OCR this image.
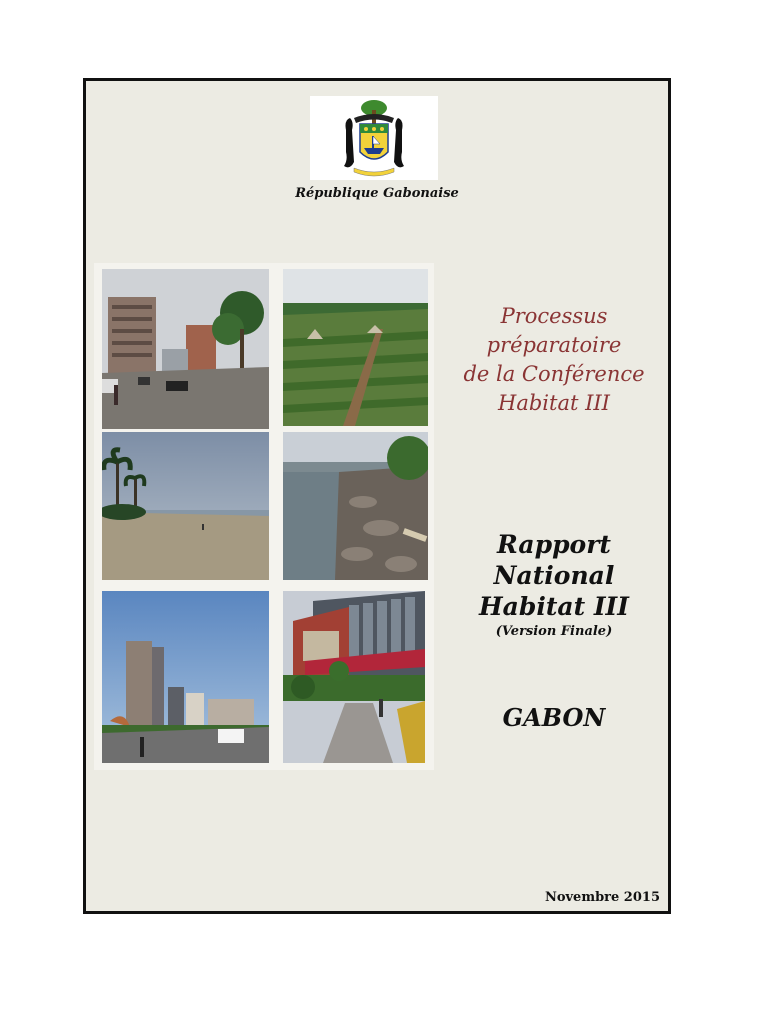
République Gabonaise
Processus
préparatoire
de la Conférence
Habitat III
Rapport
National
Habitat III
(Version Finale)
GABON
Novembre 2015
